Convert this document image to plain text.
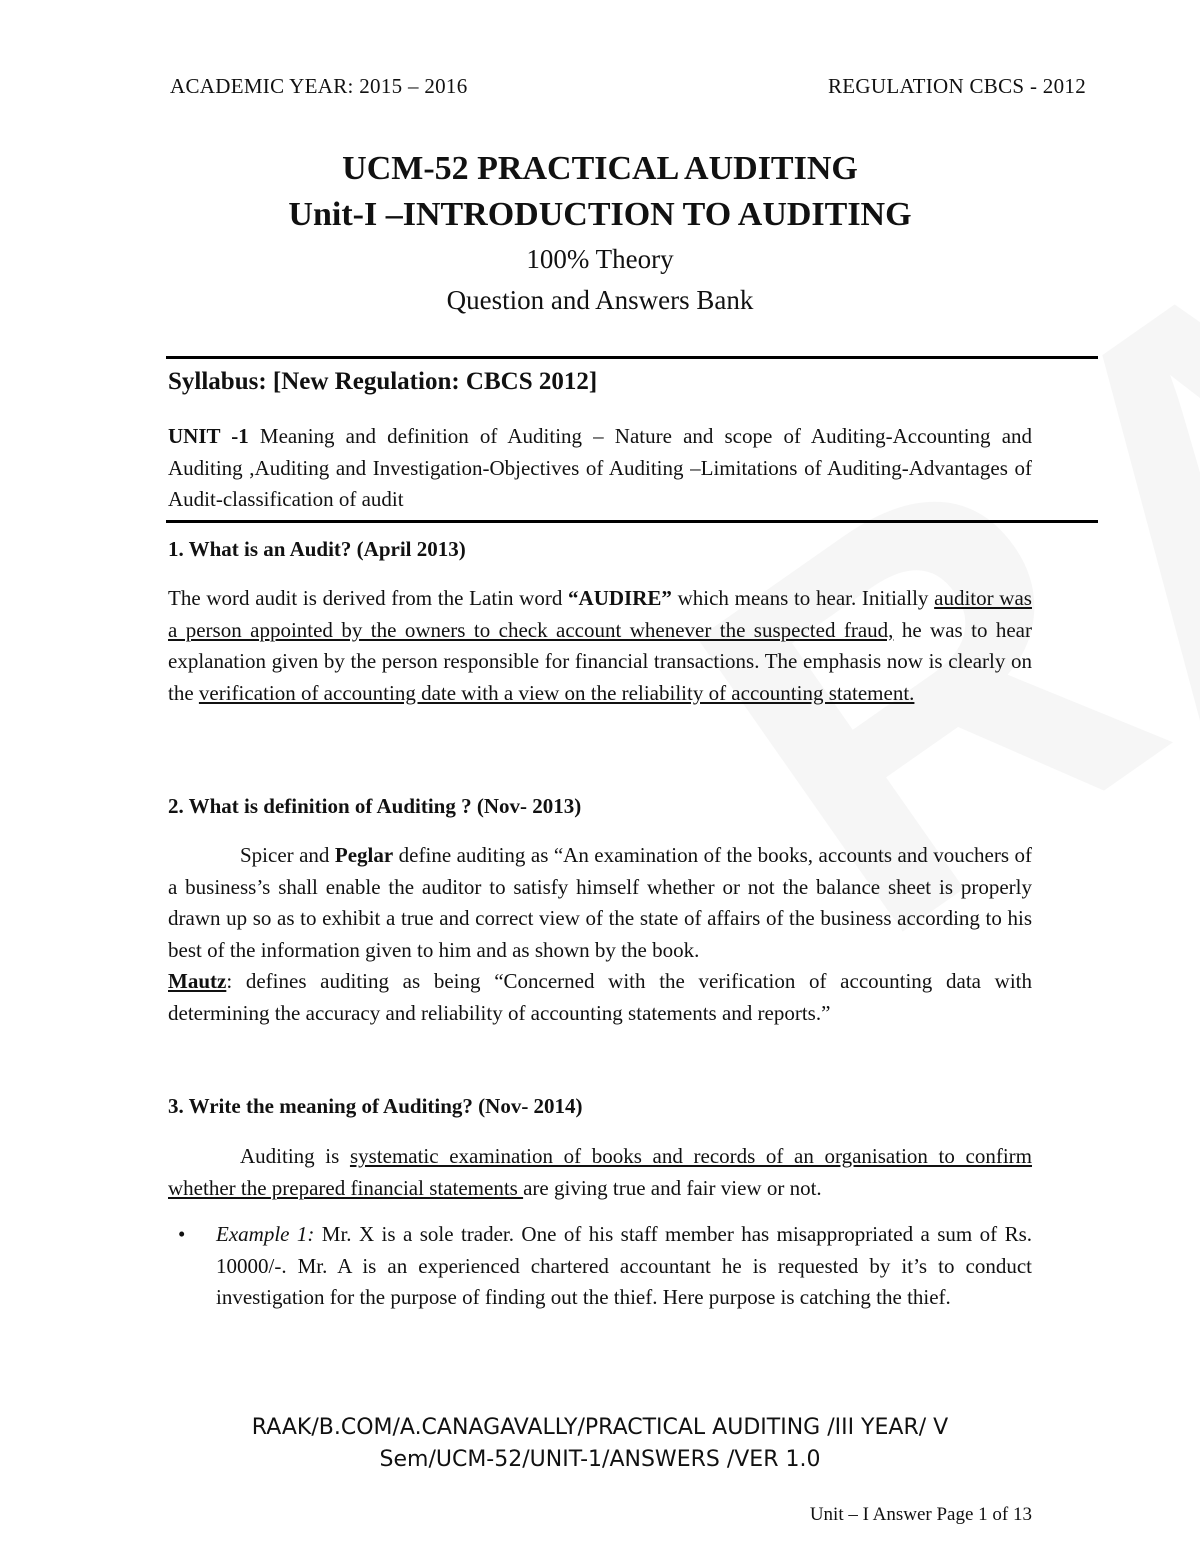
ACADEMIC YEAR: 2015 – 2016	REGULATION CBCS - 2012
UCM-52 PRACTICAL AUDITING
Unit-I –INTRODUCTION TO AUDITING
100% Theory
Question and Answers Bank
Syllabus: [New Regulation: CBCS 2012]
UNIT -1 Meaning and definition of Auditing – Nature and scope of Auditing-Accounting and Auditing ,Auditing and Investigation-Objectives of Auditing –Limitations of Auditing-Advantages of Audit-classification of audit
1. What is an Audit? (April 2013)
The word audit is derived from the Latin word “AUDIRE” which means to hear. Initially auditor was a person appointed by the owners to check account whenever the suspected fraud, he was to hear explanation given by the person responsible for financial transactions. The emphasis now is clearly on the verification of accounting date with a view on the reliability of accounting statement.
2. What is definition of Auditing ? (Nov- 2013)
Spicer and Peglar define auditing as “An examination of the books, accounts and vouchers of a business’s shall enable the auditor to satisfy himself whether or not the balance sheet is properly drawn up so as to exhibit a true and correct view of the state of affairs of the business according to his best of the information given to him and as shown by the book.
Mautz: defines auditing as being “Concerned with the verification of accounting data with determining the accuracy and reliability of accounting statements and reports.”
3. Write the meaning of Auditing? (Nov- 2014)
Auditing is systematic examination of books and records of an organisation to confirm whether the prepared financial statements are giving true and fair view or not.
• Example 1: Mr. X is a sole trader. One of his staff member has misappropriated a sum of Rs. 10000/-. Mr. A is an experienced chartered accountant he is requested by it’s to conduct investigation for the purpose of finding out the thief. Here purpose is catching the thief.
RAAK/B.COM/A.CANAGAVALLY/PRACTICAL AUDITING /III YEAR/ V
Sem/UCM-52/UNIT-1/ANSWERS /VER 1.0
Unit – I Answer Page 1 of 13
